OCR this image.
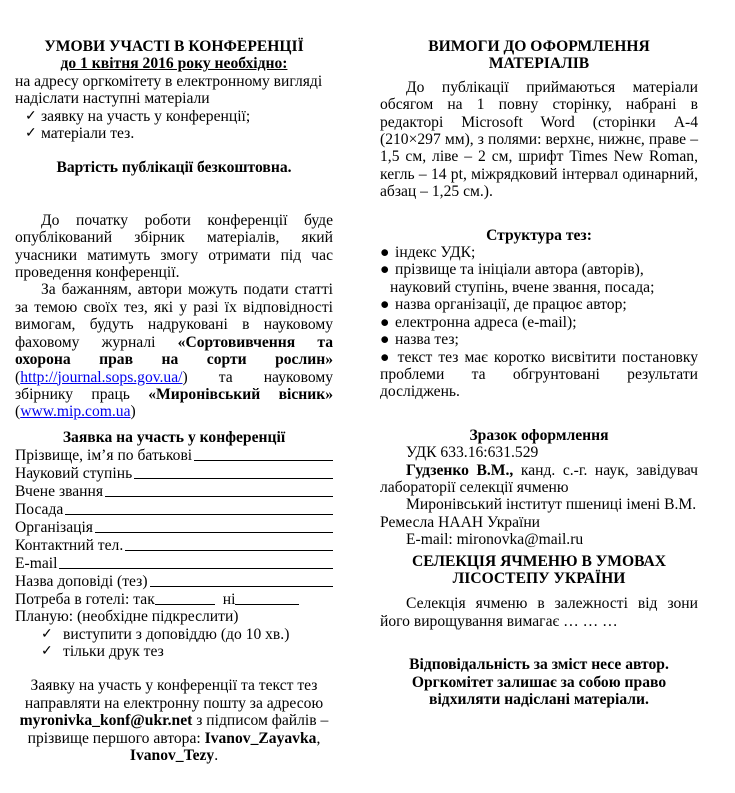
УМОВИ УЧАСТІ В КОНФЕРЕНЦІЇ

до 1 квітня 2016 року необхідно:

на адресу оргкомітету в електронному вигляді надіслати наступні матеріали

✓ заявку на участь у конференції;
✓ матеріали тез.

Вартість публікації безкоштовна.

До початку роботи конференції буде опублікований збірник матеріалів, який учасники матимуть змогу отримати під час проведення конференції.

За бажанням, автори можуть подати статті за темою своїх тез, які у разі їх відповідності вимогам, будуть надруковані в науковому фаховому журналі «Сортовивчення та охорона прав на сорти рослин» (http://journal.sops.gov.ua/) та науковому збірнику праць «Миронівський вісник» (www.mip.com.ua)

Заявка на участь у конференції

Прізвище, ім’я по батькові
Науковий ступінь
Вчене звання
Посада
Організація
Контактний тел.
E-mail
Назва доповіді (тез)
Потреба в готелі: так	ні

Планую: (необхідне підкреслити)

✓ виступити з доповіддю (до 10 хв.)
✓ тільки друк тез

Заявку на участь у конференції та текст тез направляти на електронну пошту за адресою myronivka_konf@ukr.net з підписом файлів – прізвище першого автора: Ivanov_Zayavka, Ivanov_Tezy.

ВИМОГИ ДО ОФОРМЛЕННЯ МАТЕРІАЛІВ

До публікації приймаються матеріали обсягом на 1 повну сторінку, набрані в редакторі Microsoft Word (сторінки А-4 (210×297 мм), з полями: верхнє, нижнє, праве – 1,5 см, ліве – 2 см, шрифт Times New Roman, кегль – 14 pt, міжрядковий інтервал одинарний, абзац – 1,25 см.).

Структура тез:

● індекс УДК;
● прізвище та ініціали автора (авторів), науковий ступінь, вчене звання, посада;
● назва організації, де працює автор;
● електронна адреса (e-mail);
● назва тез;
● текст тез має коротко висвітити постановку проблеми та обгрунтовані результати досліджень.

Зразок оформлення

УДК 633.16:631.529

Гудзенко В.М., канд. с.-г. наук, завідувач лабораторії селекції ячменю

Миронівський інститут пшениці імені В.М. Ремесла НААН України

E-mail: mironovka@mail.ru

СЕЛЕКЦІЯ ЯЧМЕНЮ В УМОВАХ ЛІСОСТЕПУ УКРАЇНИ

Селекція ячменю в залежності від зони його вирощування вимагає … … …

Відповідальність за зміст несе автор. Оргкомітет залишає за собою право відхиляти надіслані матеріали.
